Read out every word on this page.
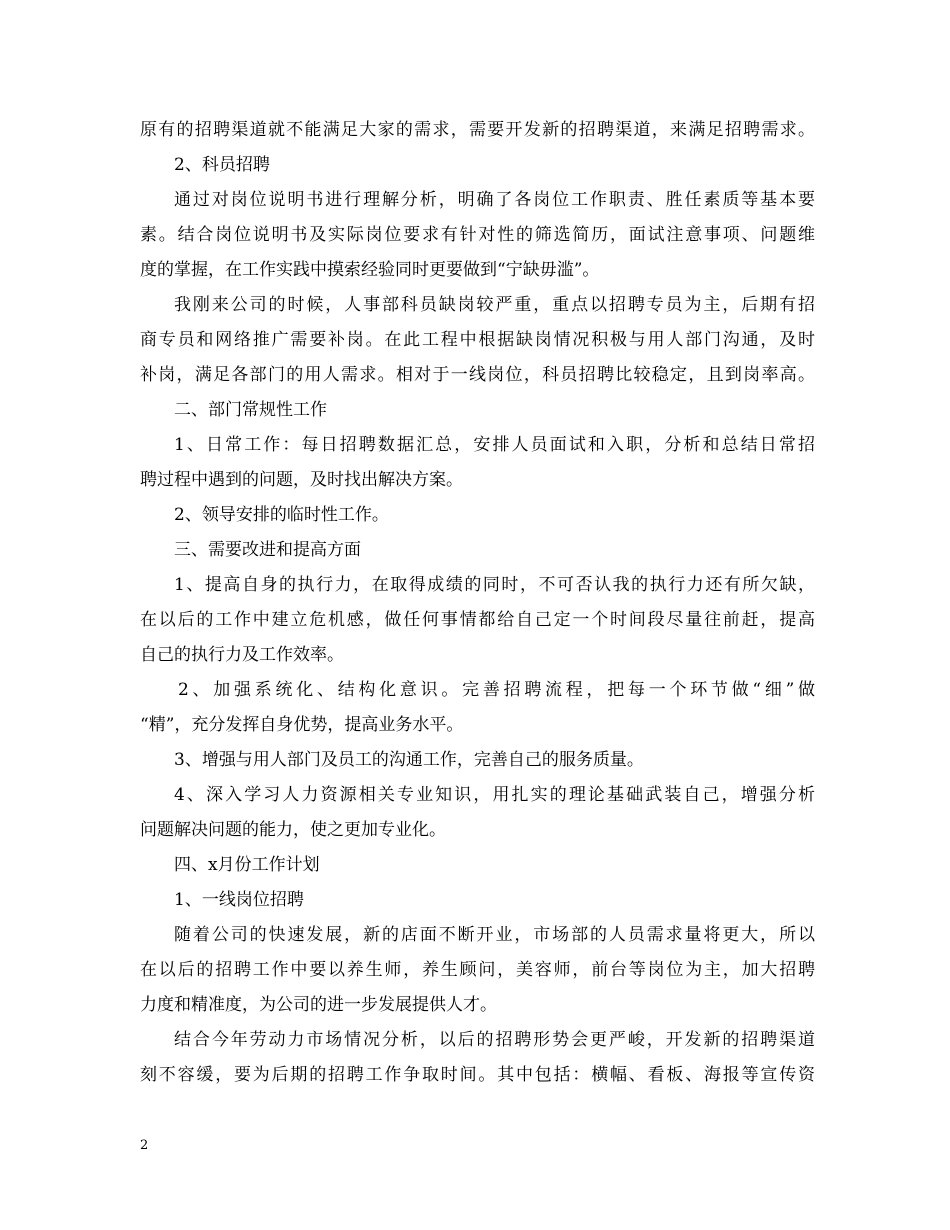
原有的招聘渠道就不能满足大家的需求，需要开发新的招聘渠道，来满足招聘需求。
2、科员招聘
通过对岗位说明书进行理解分析，明确了各岗位工作职责、胜任素质等基本要
素。结合岗位说明书及实际岗位要求有针对性的筛选简历，面试注意事项、问题维
度的掌握，在工作实践中摸索经验同时更要做到“宁缺毋滥”。
我刚来公司的时候，人事部科员缺岗较严重，重点以招聘专员为主，后期有招
商专员和网络推广需要补岗。在此工程中根据缺岗情况积极与用人部门沟通，及时
补岗，满足各部门的用人需求。相对于一线岗位，科员招聘比较稳定，且到岗率高。
二、部门常规性工作
1、日常工作：每日招聘数据汇总，安排人员面试和入职，分析和总结日常招
聘过程中遇到的问题，及时找出解决方案。
2、领导安排的临时性工作。
三、需要改进和提高方面
1、提高自身的执行力，在取得成绩的同时，不可否认我的执行力还有所欠缺，
在以后的工作中建立危机感，做任何事情都给自己定一个时间段尽量往前赶，提高
自己的执行力及工作效率。
2、加强系统化、结构化意识。完善招聘流程，把每一个环节做“细”做
“精”，充分发挥自身优势，提高业务水平。
3、增强与用人部门及员工的沟通工作，完善自己的服务质量。
4、深入学习人力资源相关专业知识，用扎实的理论基础武装自己，增强分析
问题解决问题的能力，使之更加专业化。
四、x月份工作计划
1、一线岗位招聘
随着公司的快速发展，新的店面不断开业，市场部的人员需求量将更大，所以
在以后的招聘工作中要以养生师，养生顾问，美容师，前台等岗位为主，加大招聘
力度和精准度，为公司的进一步发展提供人才。
结合今年劳动力市场情况分析，以后的招聘形势会更严峻，开发新的招聘渠道
刻不容缓，要为后期的招聘工作争取时间。其中包括：横幅、看板、海报等宣传资
2
